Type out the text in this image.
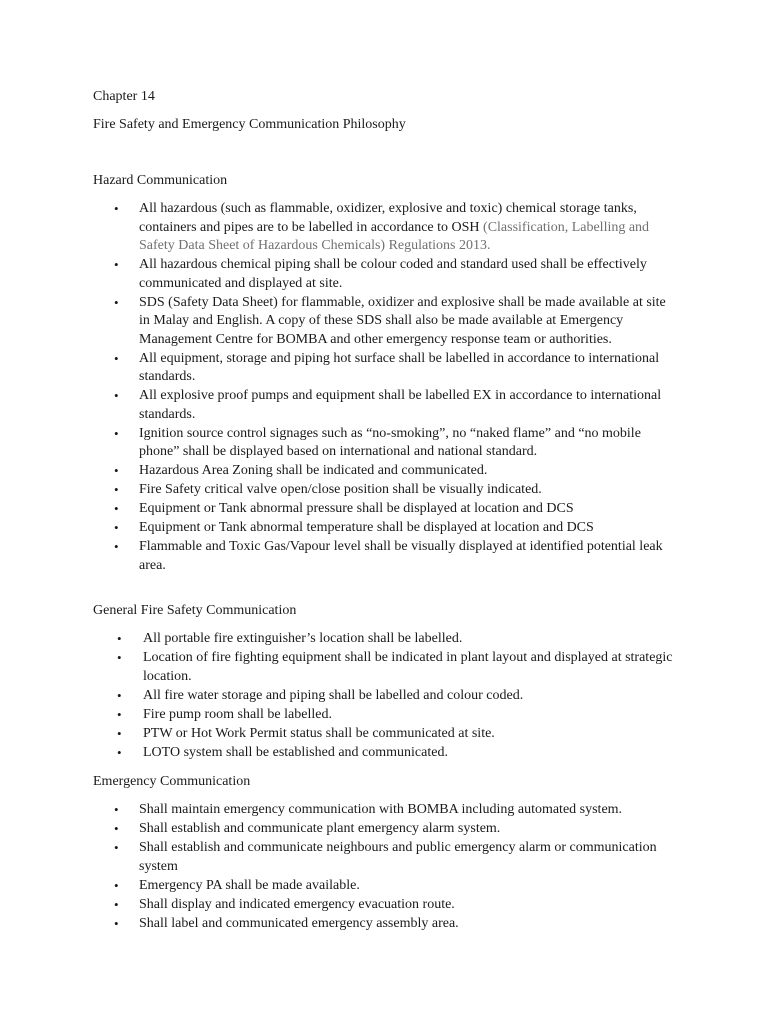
Chapter 14

Fire Safety and Emergency Communication Philosophy

Hazard Communication

• All hazardous (such as flammable, oxidizer, explosive and toxic) chemical storage tanks, containers and pipes are to be labelled in accordance to OSH (Classification, Labelling and Safety Data Sheet of Hazardous Chemicals) Regulations 2013.
• All hazardous chemical piping shall be colour coded and standard used shall be effectively communicated and displayed at site.
• SDS (Safety Data Sheet) for flammable, oxidizer and explosive shall be made available at site in Malay and English. A copy of these SDS shall also be made available at Emergency Management Centre for BOMBA and other emergency response team or authorities.
• All equipment, storage and piping hot surface shall be labelled in accordance to international standards.
• All explosive proof pumps and equipment shall be labelled EX in accordance to international standards.
• Ignition source control signages such as “no-smoking”, no “naked flame” and “no mobile phone” shall be displayed based on international and national standard.
• Hazardous Area Zoning shall be indicated and communicated.
• Fire Safety critical valve open/close position shall be visually indicated.
• Equipment or Tank abnormal pressure shall be displayed at location and DCS
• Equipment or Tank abnormal temperature shall be displayed at location and DCS
• Flammable and Toxic Gas/Vapour level shall be visually displayed at identified potential leak area.

General Fire Safety Communication

• All portable fire extinguisher’s location shall be labelled.
• Location of fire fighting equipment shall be indicated in plant layout and displayed at strategic location.
• All fire water storage and piping shall be labelled and colour coded.
• Fire pump room shall be labelled.
• PTW or Hot Work Permit status shall be communicated at site.
• LOTO system shall be established and communicated.

Emergency Communication

• Shall maintain emergency communication with BOMBA including automated system.
• Shall establish and communicate plant emergency alarm system.
• Shall establish and communicate neighbours and public emergency alarm or communication system
• Emergency PA shall be made available.
• Shall display and indicated emergency evacuation route.
• Shall label and communicated emergency assembly area.
